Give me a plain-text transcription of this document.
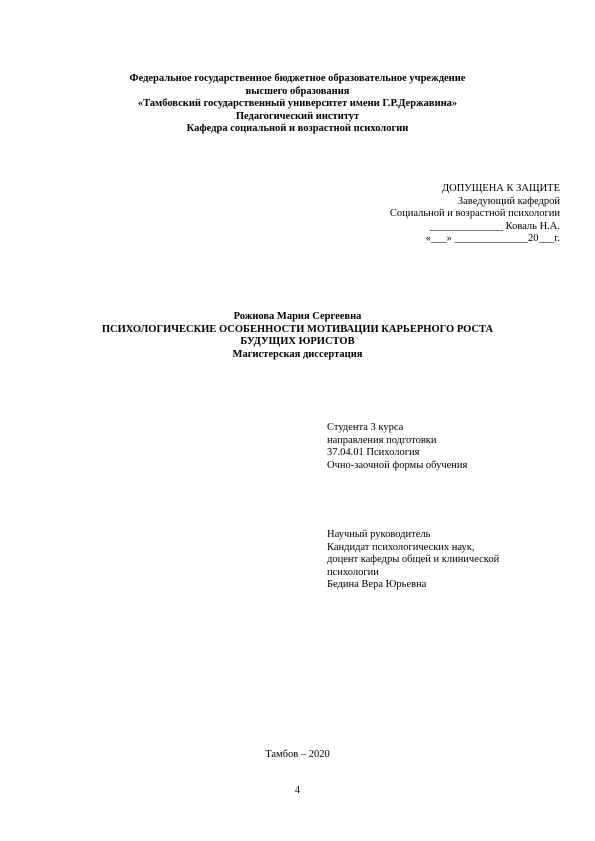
Федеральное государственное бюджетное образовательное учреждение
высшего образования
«Тамбовский государственный университет имени Г.Р.Державина»
Педагогический институт
Кафедра социальной и возрастной психологии
ДОПУЩЕНА К ЗАЩИТЕ
Заведующий кафедрой
Социальной и возрастной психологии
______________ Коваль Н.А.
«___» ______________20___г.
Рожнова Мария Сергеевна
ПСИХОЛОГИЧЕСКИЕ ОСОБЕННОСТИ МОТИВАЦИИ КАРЬЕРНОГО РОСТА
БУДУЩИХ ЮРИСТОВ
Магистерская диссертация
Студента 3 курса
направления подготовки
37.04.01 Психология
Очно-заочной формы обучения
Научный руководитель
Кандидат психологических наук,
доцент кафедры общей и клинической
психологии
Бедина Вера Юрьевна
Тамбов – 2020
4
